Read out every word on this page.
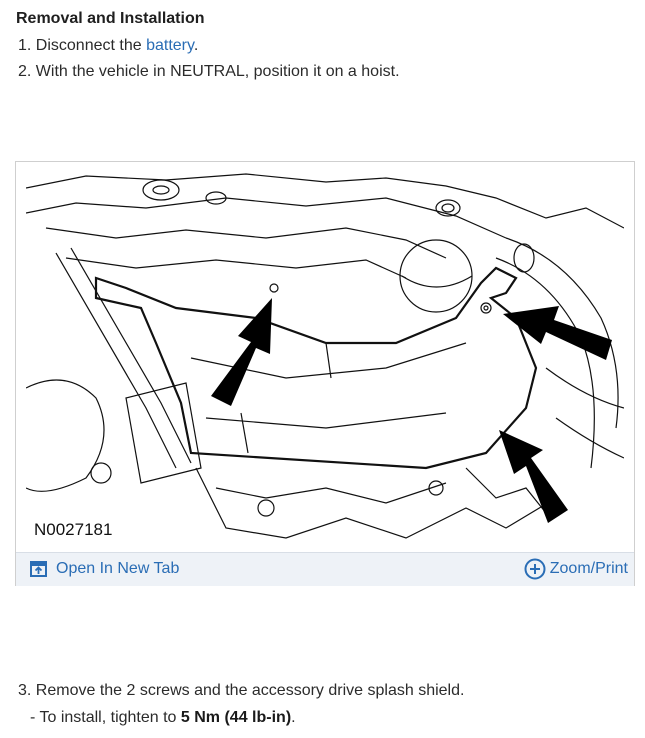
Removal and Installation
1. Disconnect the battery.
2. With the vehicle in NEUTRAL, position it on a hoist.
N0027181
Open In New Tab	Zoom/Print
3. Remove the 2 screws and the accessory drive splash shield.
- To install, tighten to 5 Nm (44 lb-in).
